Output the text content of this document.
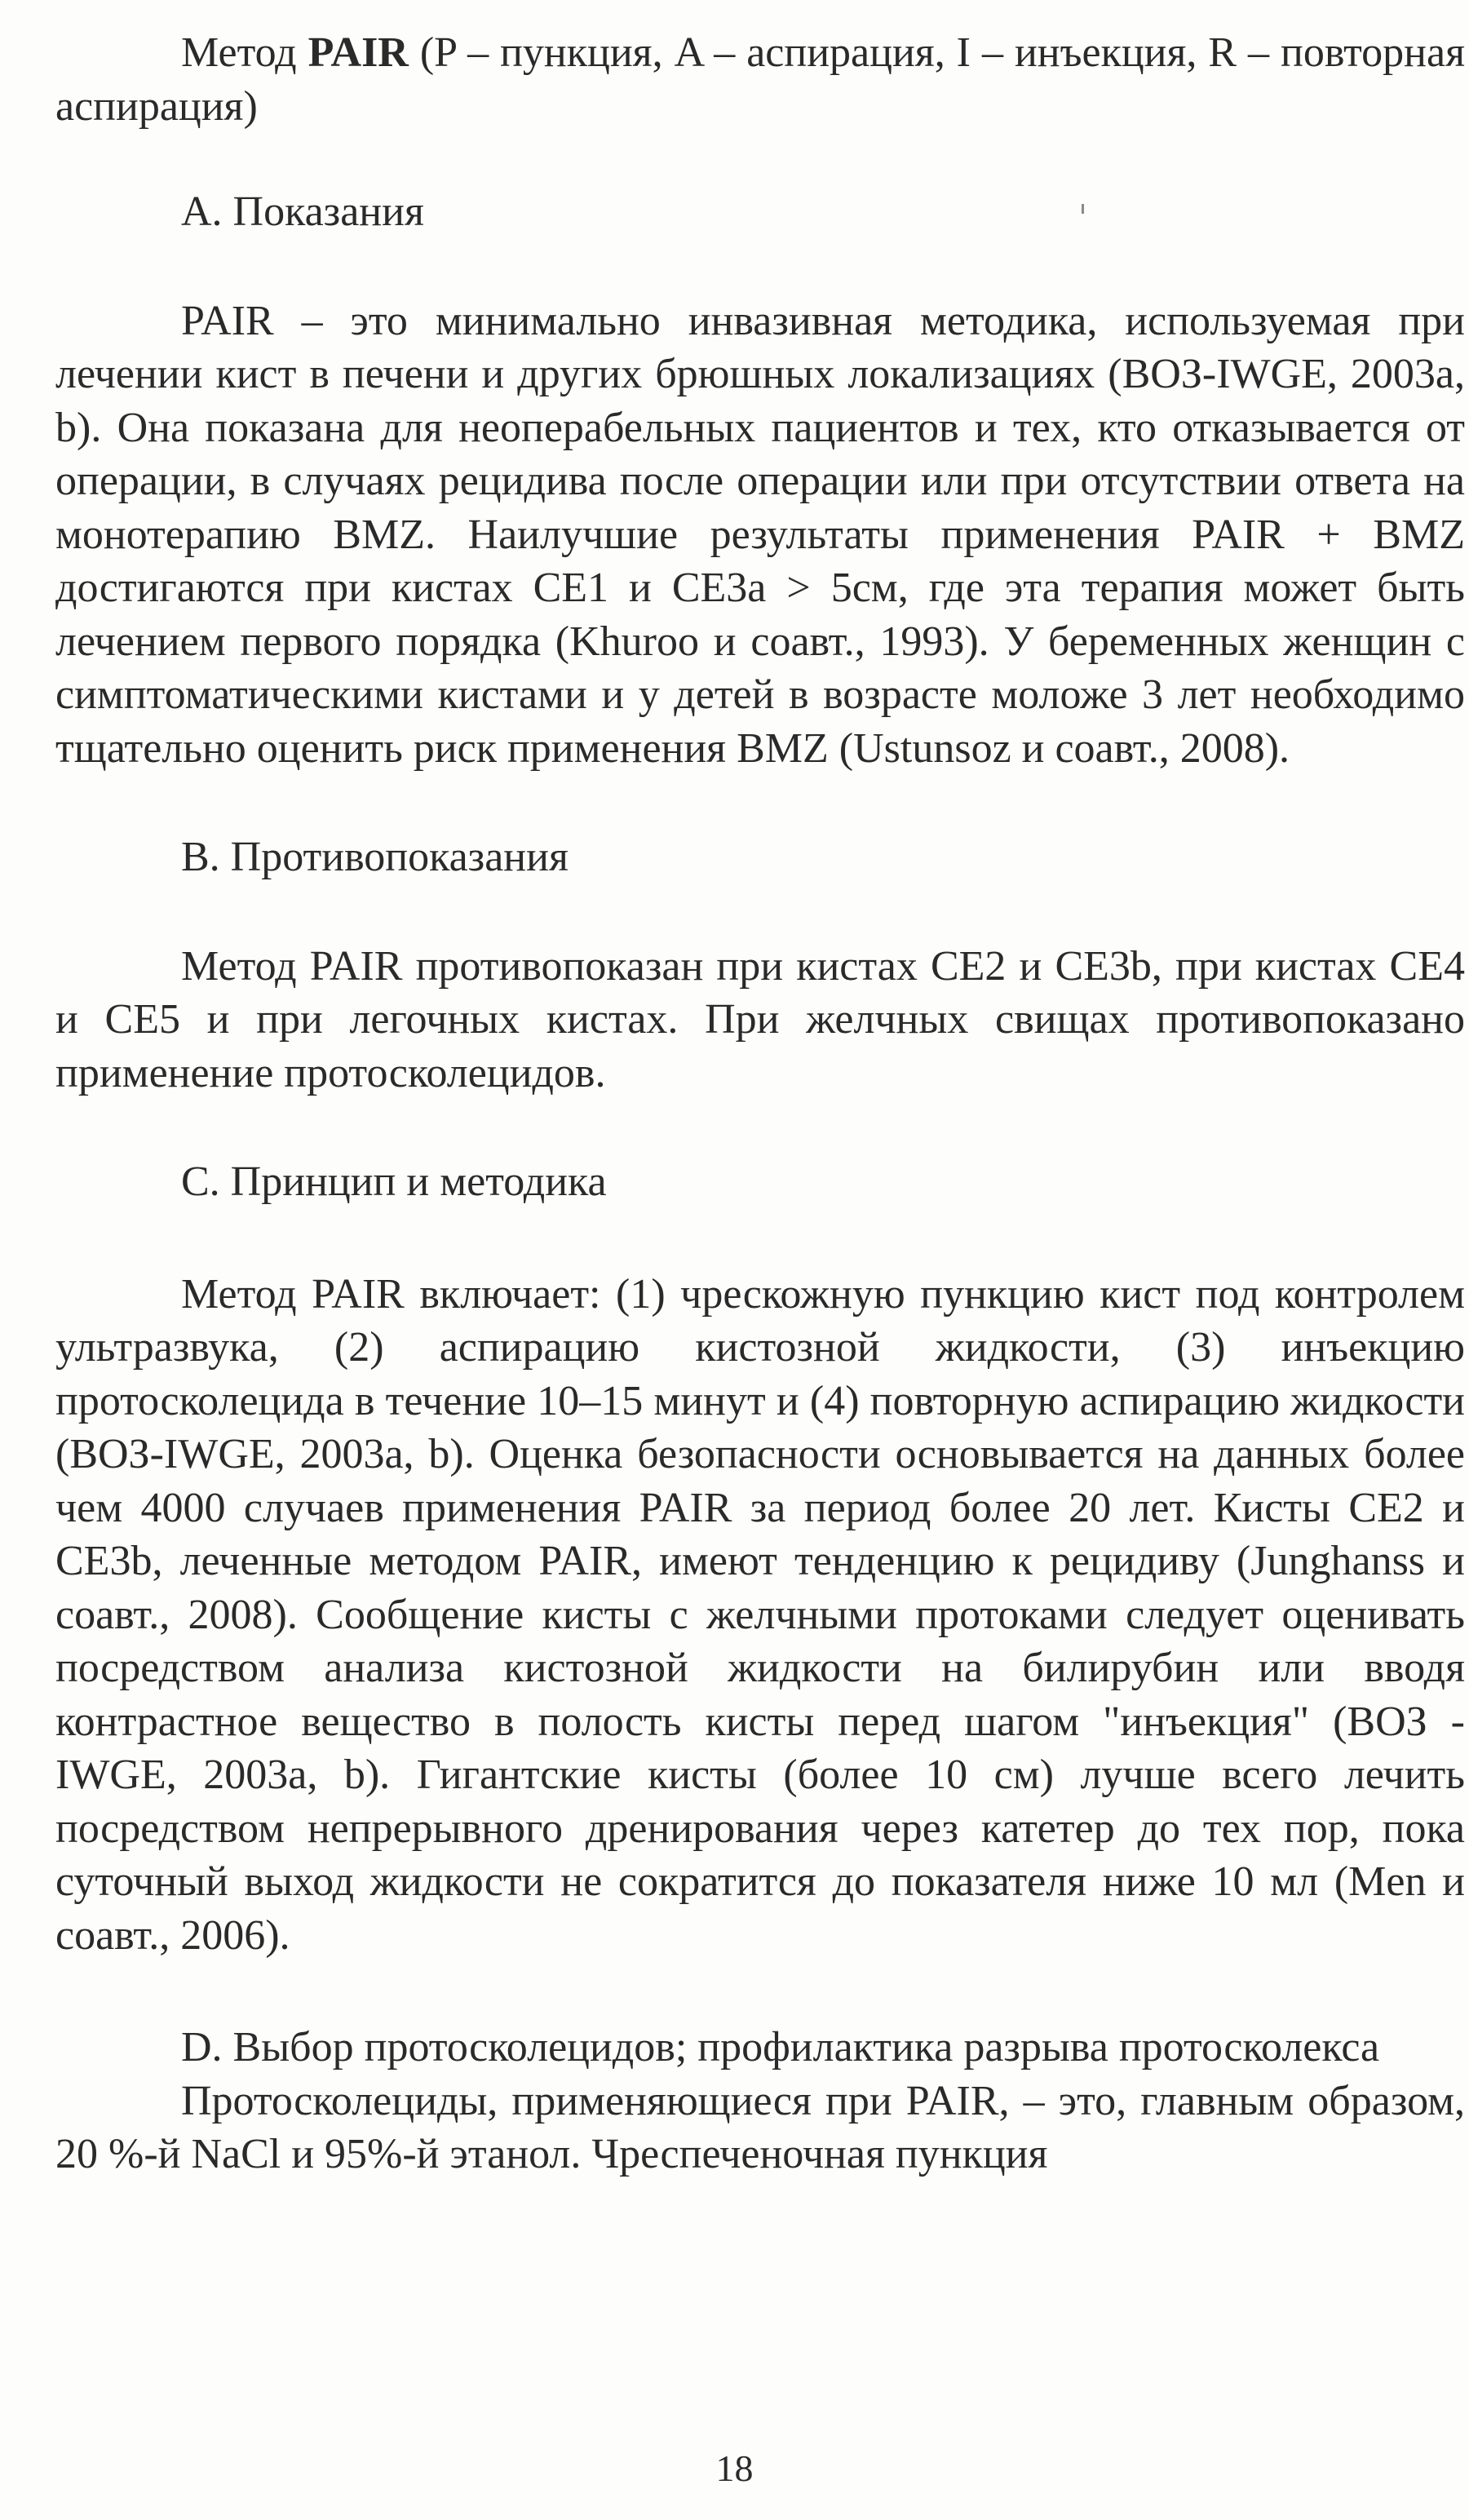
Метод PAIR (P – пункция, A – аспирация, I – инъекция, R – повторная аспирация)

A. Показания

PAIR – это минимально инвазивная методика, используемая при лечении кист в печени и других брюшных локализациях (ВОЗ-IWGE, 2003a, b). Она показана для неоперабельных пациентов и тех, кто отказывается от операции, в случаях рецидива после операции или при отсутствии ответа на монотерапию BMZ. Наилучшие результаты применения PAIR + BMZ достигаются при кистах CE1 и CE3a > 5см, где эта терапия может быть лечением первого порядка (Khuroo и соавт., 1993). У беременных женщин с симптоматическими кистами и у детей в возрасте моложе 3 лет необходимо тщательно оценить риск применения BMZ (Ustunsoz и соавт., 2008).

B. Противопоказания

Метод PAIR противопоказан при кистах CE2 и CE3b, при кистах CE4 и CE5 и при легочных кистах. При желчных свищах противопоказано применение протосколецидов.

C. Принцип и методика

Метод PAIR включает: (1) чрескожную пункцию кист под контролем ультразвука, (2) аспирацию кистозной жидкости, (3) инъекцию протосколецида в течение 10–15 минут и (4) повторную аспирацию жидкости (ВОЗ-IWGE, 2003a, b). Оценка безопасности основывается на данных более чем 4000 случаев применения PAIR за период более 20 лет. Кисты CE2 и CE3b, леченные методом PAIR, имеют тенденцию к рецидиву (Junghanss и соавт., 2008). Сообщение кисты с желчными протоками следует оценивать посредством анализа кистозной жидкости на билирубин или вводя контрастное вещество в полость кисты перед шагом "инъекция" (ВОЗ -IWGE, 2003a, b). Гигантские кисты (более 10 см) лучше всего лечить посредством непрерывного дренирования через катетер до тех пор, пока суточный выход жидкости не сократится до показателя ниже 10 мл (Men и соавт., 2006).

D. Выбор протосколецидов; профилактика разрыва протосколекса

Протосколециды, применяющиеся при PAIR, – это, главным образом, 20 %-й NaCl и 95%-й этанол. Чреспеченочная пункция

18
